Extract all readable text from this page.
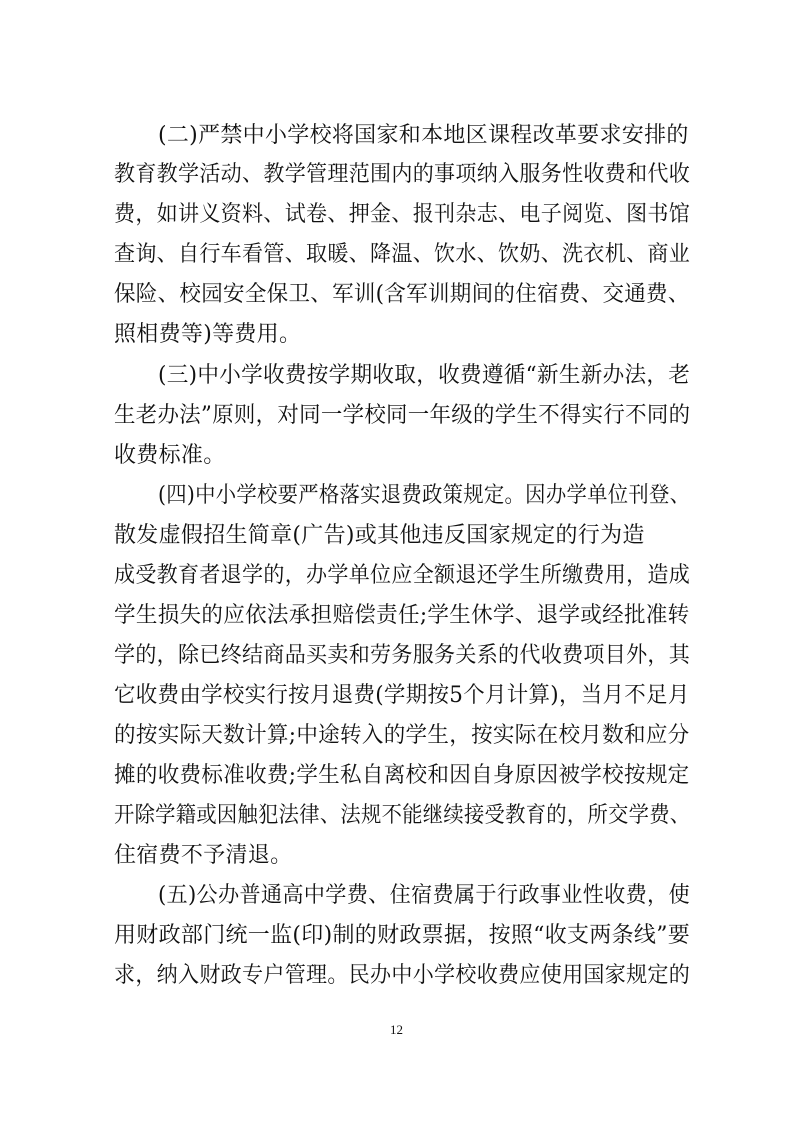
(二)严禁中小学校将国家和本地区课程改革要求安排的
教育教学活动、教学管理范围内的事项纳入服务性收费和代收
费，如讲义资料、试卷、押金、报刊杂志、电子阅览、图书馆
查询、自行车看管、取暖、降温、饮水、饮奶、洗衣机、商业
保险、校园安全保卫、军训(含军训期间的住宿费、交通费、
照相费等)等费用。
(三)中小学收费按学期收取，收费遵循“新生新办法，老
生老办法”原则，对同一学校同一年级的学生不得实行不同的
收费标准。
(四)中小学校要严格落实退费政策规定。因办学单位刊登、
散发虚假招生简章(广告)或其他违反国家规定的行为造
成受教育者退学的，办学单位应全额退还学生所缴费用，造成
学生损失的应依法承担赔偿责任;学生休学、退学或经批准转
学的，除已终结商品买卖和劳务服务关系的代收费项目外，其
它收费由学校实行按月退费(学期按5个月计算)，当月不足月
的按实际天数计算;中途转入的学生，按实际在校月数和应分
摊的收费标准收费;学生私自离校和因自身原因被学校按规定
开除学籍或因触犯法律、法规不能继续接受教育的，所交学费、
住宿费不予清退。
(五)公办普通高中学费、住宿费属于行政事业性收费，使
用财政部门统一监(印)制的财政票据，按照“收支两条线”要
求，纳入财政专户管理。民办中小学校收费应使用国家规定的
12
